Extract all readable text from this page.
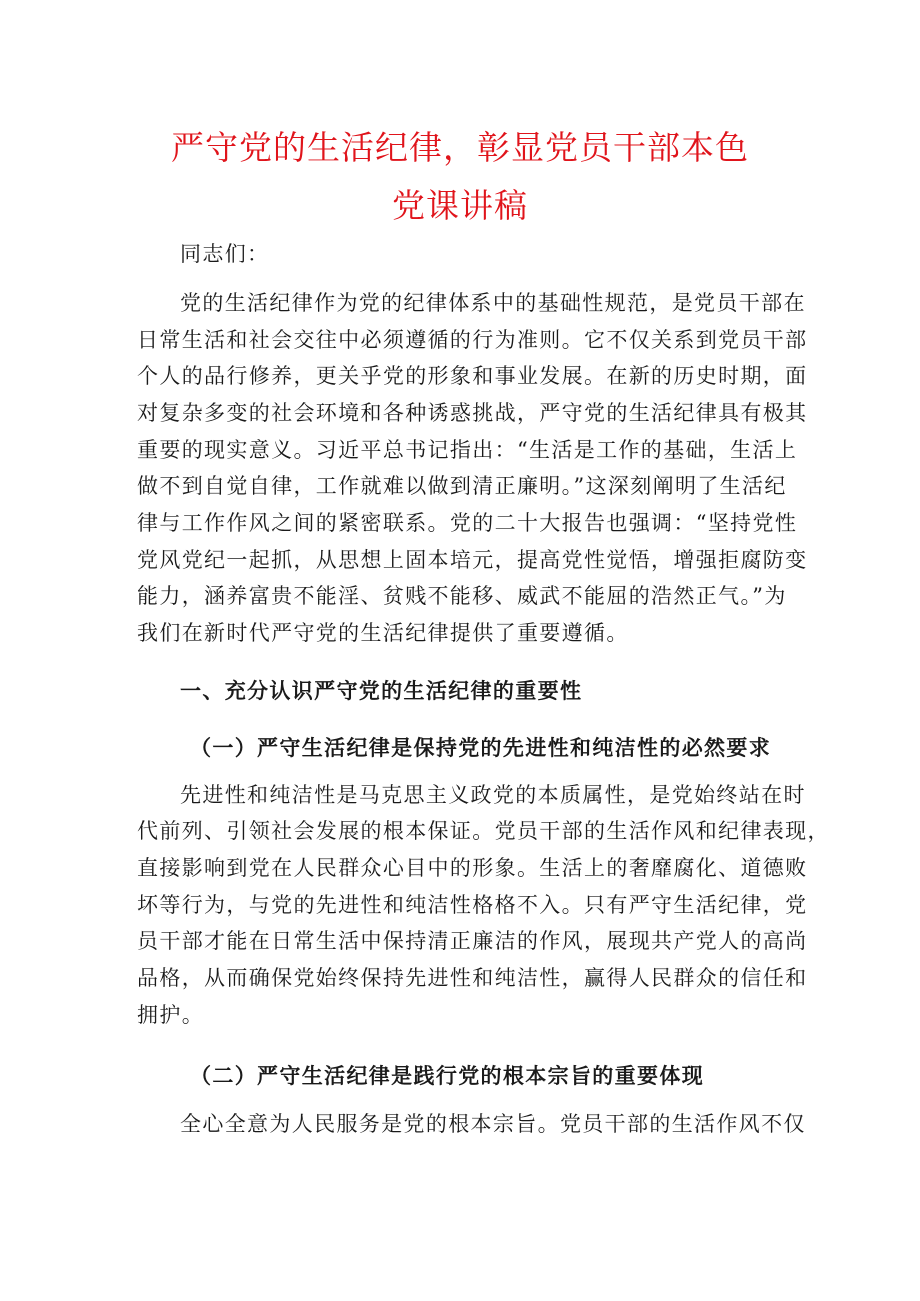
严守党的生活纪律，彰显党员干部本色
党课讲稿
同志们：
党的生活纪律作为党的纪律体系中的基础性规范，是党员干部在
日常生活和社会交往中必须遵循的行为准则。它不仅关系到党员干部
个人的品行修养，更关乎党的形象和事业发展。在新的历史时期，面
对复杂多变的社会环境和各种诱惑挑战，严守党的生活纪律具有极其
重要的现实意义。习近平总书记指出：“生活是工作的基础，生活上
做不到自觉自律，工作就难以做到清正廉明。”这深刻阐明了生活纪
律与工作作风之间的紧密联系。党的二十大报告也强调：“坚持党性
党风党纪一起抓，从思想上固本培元，提高党性觉悟，增强拒腐防变
能力，涵养富贵不能淫、贫贱不能移、威武不能屈的浩然正气。”为
我们在新时代严守党的生活纪律提供了重要遵循。
一、充分认识严守党的生活纪律的重要性
（一）严守生活纪律是保持党的先进性和纯洁性的必然要求
先进性和纯洁性是马克思主义政党的本质属性，是党始终站在时
代前列、引领社会发展的根本保证。党员干部的生活作风和纪律表现，
直接影响到党在人民群众心目中的形象。生活上的奢靡腐化、道德败
坏等行为，与党的先进性和纯洁性格格不入。只有严守生活纪律，党
员干部才能在日常生活中保持清正廉洁的作风，展现共产党人的高尚
品格，从而确保党始终保持先进性和纯洁性，赢得人民群众的信任和
拥护。
（二）严守生活纪律是践行党的根本宗旨的重要体现
全心全意为人民服务是党的根本宗旨。党员干部的生活作风不仅
